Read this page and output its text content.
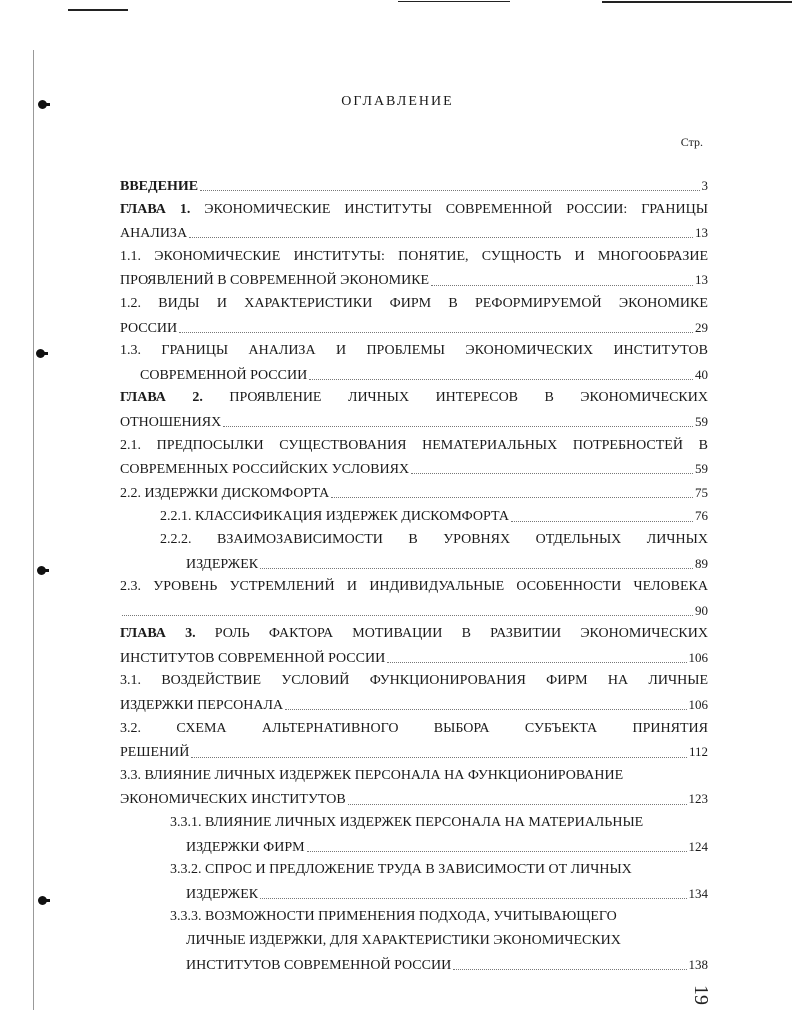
ОГЛАВЛЕНИЕ
Стр.
ВВЕДЕНИЕ	3
ГЛАВА 1. ЭКОНОМИЧЕСКИЕ ИНСТИТУТЫ СОВРЕМЕННОЙ РОССИИ: ГРАНИЦЫ
АНАЛИЗА	13
1.1. ЭКОНОМИЧЕСКИЕ ИНСТИТУТЫ: ПОНЯТИЕ, СУЩНОСТЬ И МНОГООБРАЗИЕ
ПРОЯВЛЕНИЙ В СОВРЕМЕННОЙ ЭКОНОМИКЕ	13
1.2. ВИДЫ И ХАРАКТЕРИСТИКИ ФИРМ В РЕФОРМИРУЕМОЙ ЭКОНОМИКЕ
РОССИИ	29
1.3. ГРАНИЦЫ АНАЛИЗА И ПРОБЛЕМЫ ЭКОНОМИЧЕСКИХ ИНСТИТУТОВ
СОВРЕМЕННОЙ РОССИИ	40
ГЛАВА 2. ПРОЯВЛЕНИЕ ЛИЧНЫХ ИНТЕРЕСОВ В ЭКОНОМИЧЕСКИХ
ОТНОШЕНИЯХ	59
2.1. ПРЕДПОСЫЛКИ СУЩЕСТВОВАНИЯ НЕМАТЕРИАЛЬНЫХ ПОТРЕБНОСТЕЙ В
СОВРЕМЕННЫХ РОССИЙСКИХ УСЛОВИЯХ	59
2.2. ИЗДЕРЖКИ ДИСКОМФОРТА	75
2.2.1. КЛАССИФИКАЦИЯ ИЗДЕРЖЕК ДИСКОМФОРТА	76
2.2.2. ВЗАИМОЗАВИСИМОСТИ В УРОВНЯХ ОТДЕЛЬНЫХ ЛИЧНЫХ
ИЗДЕРЖЕК	89
2.3. УРОВЕНЬ УСТРЕМЛЕНИЙ И ИНДИВИДУАЛЬНЫЕ ОСОБЕННОСТИ ЧЕЛОВЕКА
90
ГЛАВА 3. РОЛЬ ФАКТОРА МОТИВАЦИИ В РАЗВИТИИ ЭКОНОМИЧЕСКИХ
ИНСТИТУТОВ СОВРЕМЕННОЙ РОССИИ	106
3.1. ВОЗДЕЙСТВИЕ УСЛОВИЙ ФУНКЦИОНИРОВАНИЯ ФИРМ НА ЛИЧНЫЕ
ИЗДЕРЖКИ ПЕРСОНАЛА	106
3.2.	СХЕМА	АЛЬТЕРНАТИВНОГО	ВЫБОРА	СУБЪЕКТА	ПРИНЯТИЯ
РЕШЕНИЙ	112
3.3. ВЛИЯНИЕ ЛИЧНЫХ ИЗДЕРЖЕК ПЕРСОНАЛА НА ФУНКЦИОНИРОВАНИЕ
ЭКОНОМИЧЕСКИХ ИНСТИТУТОВ	123
3.3.1. ВЛИЯНИЕ ЛИЧНЫХ ИЗДЕРЖЕК ПЕРСОНАЛА НА МАТЕРИАЛЬНЫЕ
ИЗДЕРЖКИ ФИРМ	124
3.3.2. СПРОС И ПРЕДЛОЖЕНИЕ ТРУДА В ЗАВИСИМОСТИ ОТ ЛИЧНЫХ
ИЗДЕРЖЕК	134
3.3.3. ВОЗМОЖНОСТИ ПРИМЕНЕНИЯ ПОДХОДА, УЧИТЫВАЮЩЕГО
ЛИЧНЫЕ ИЗДЕРЖКИ, ДЛЯ ХАРАКТЕРИСТИКИ ЭКОНОМИЧЕСКИХ
ИНСТИТУТОВ СОВРЕМЕННОЙ РОССИИ	138
19
